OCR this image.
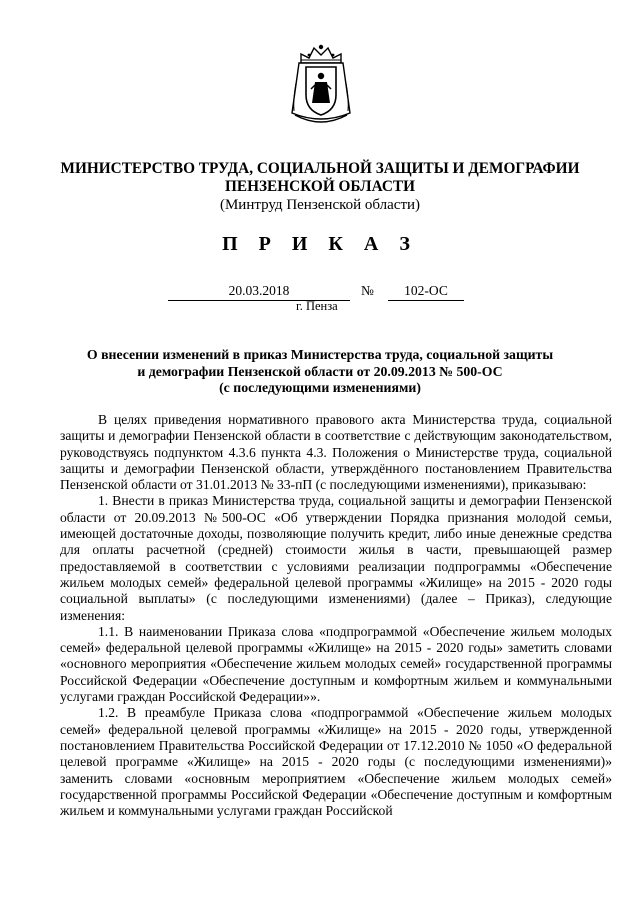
МИНИСТЕРСТВО ТРУДА, СОЦИАЛЬНОЙ ЗАЩИТЫ И ДЕМОГРАФИИ
ПЕНЗЕНСКОЙ ОБЛАСТИ
(Минтруд Пензенской области)
П Р И К А З
20.03.2018	№	102-ОС
г. Пенза
О внесении изменений в приказ Министерства труда, социальной защиты
и демографии Пензенской области от 20.09.2013 № 500-ОС
(с последующими изменениями)

В целях приведения нормативного правового акта Министерства труда, социальной защиты и демографии Пензенской области в соответствие с действующим законодательством, руководствуясь подпунктом 4.3.6 пункта 4.3. Положения о Министерстве труда, социальной защиты и демографии Пензенской области, утверждённого постановлением Правительства Пензенской области от 31.01.2013 № 33-пП (с последующими изменениями), приказываю:

1. Внести в приказ Министерства труда, социальной защиты и демографии Пензенской области от 20.09.2013 №500-ОС «Об утверждении Порядка признания молодой семьи, имеющей достаточные доходы, позволяющие получить кредит, либо иные денежные средства для оплаты расчетной (средней) стоимости жилья в части, превышающей размер предоставляемой в соответствии с условиями реализации подпрограммы «Обеспечение жильем молодых семей» федеральной целевой программы «Жилище» на 2015 - 2020 годы социальной выплаты» (с последующими изменениями) (далее – Приказ), следующие изменения:

1.1. В наименовании Приказа слова «подпрограммой «Обеспечение жильем молодых семей» федеральной целевой программы «Жилище» на 2015 - 2020 годы» заметить словами «основного мероприятия «Обеспечение жильем молодых семей» государственной программы Российской Федерации «Обеспечение доступным и комфортным жильем и коммунальными услугами граждан Российской Федерации»».

1.2. В преамбуле Приказа слова «подпрограммой «Обеспечение жильем молодых семей» федеральной целевой программы «Жилище» на 2015 - 2020 годы, утвержденной постановлением Правительства Российской Федерации от 17.12.2010 № 1050 «О федеральной целевой программе «Жилище» на 2015 - 2020 годы (с последующими изменениями)» заменить словами «основным мероприятием «Обеспечение жильем молодых семей» государственной программы Российской Федерации «Обеспечение доступным и комфортным жильем и коммунальными услугами граждан Российской
